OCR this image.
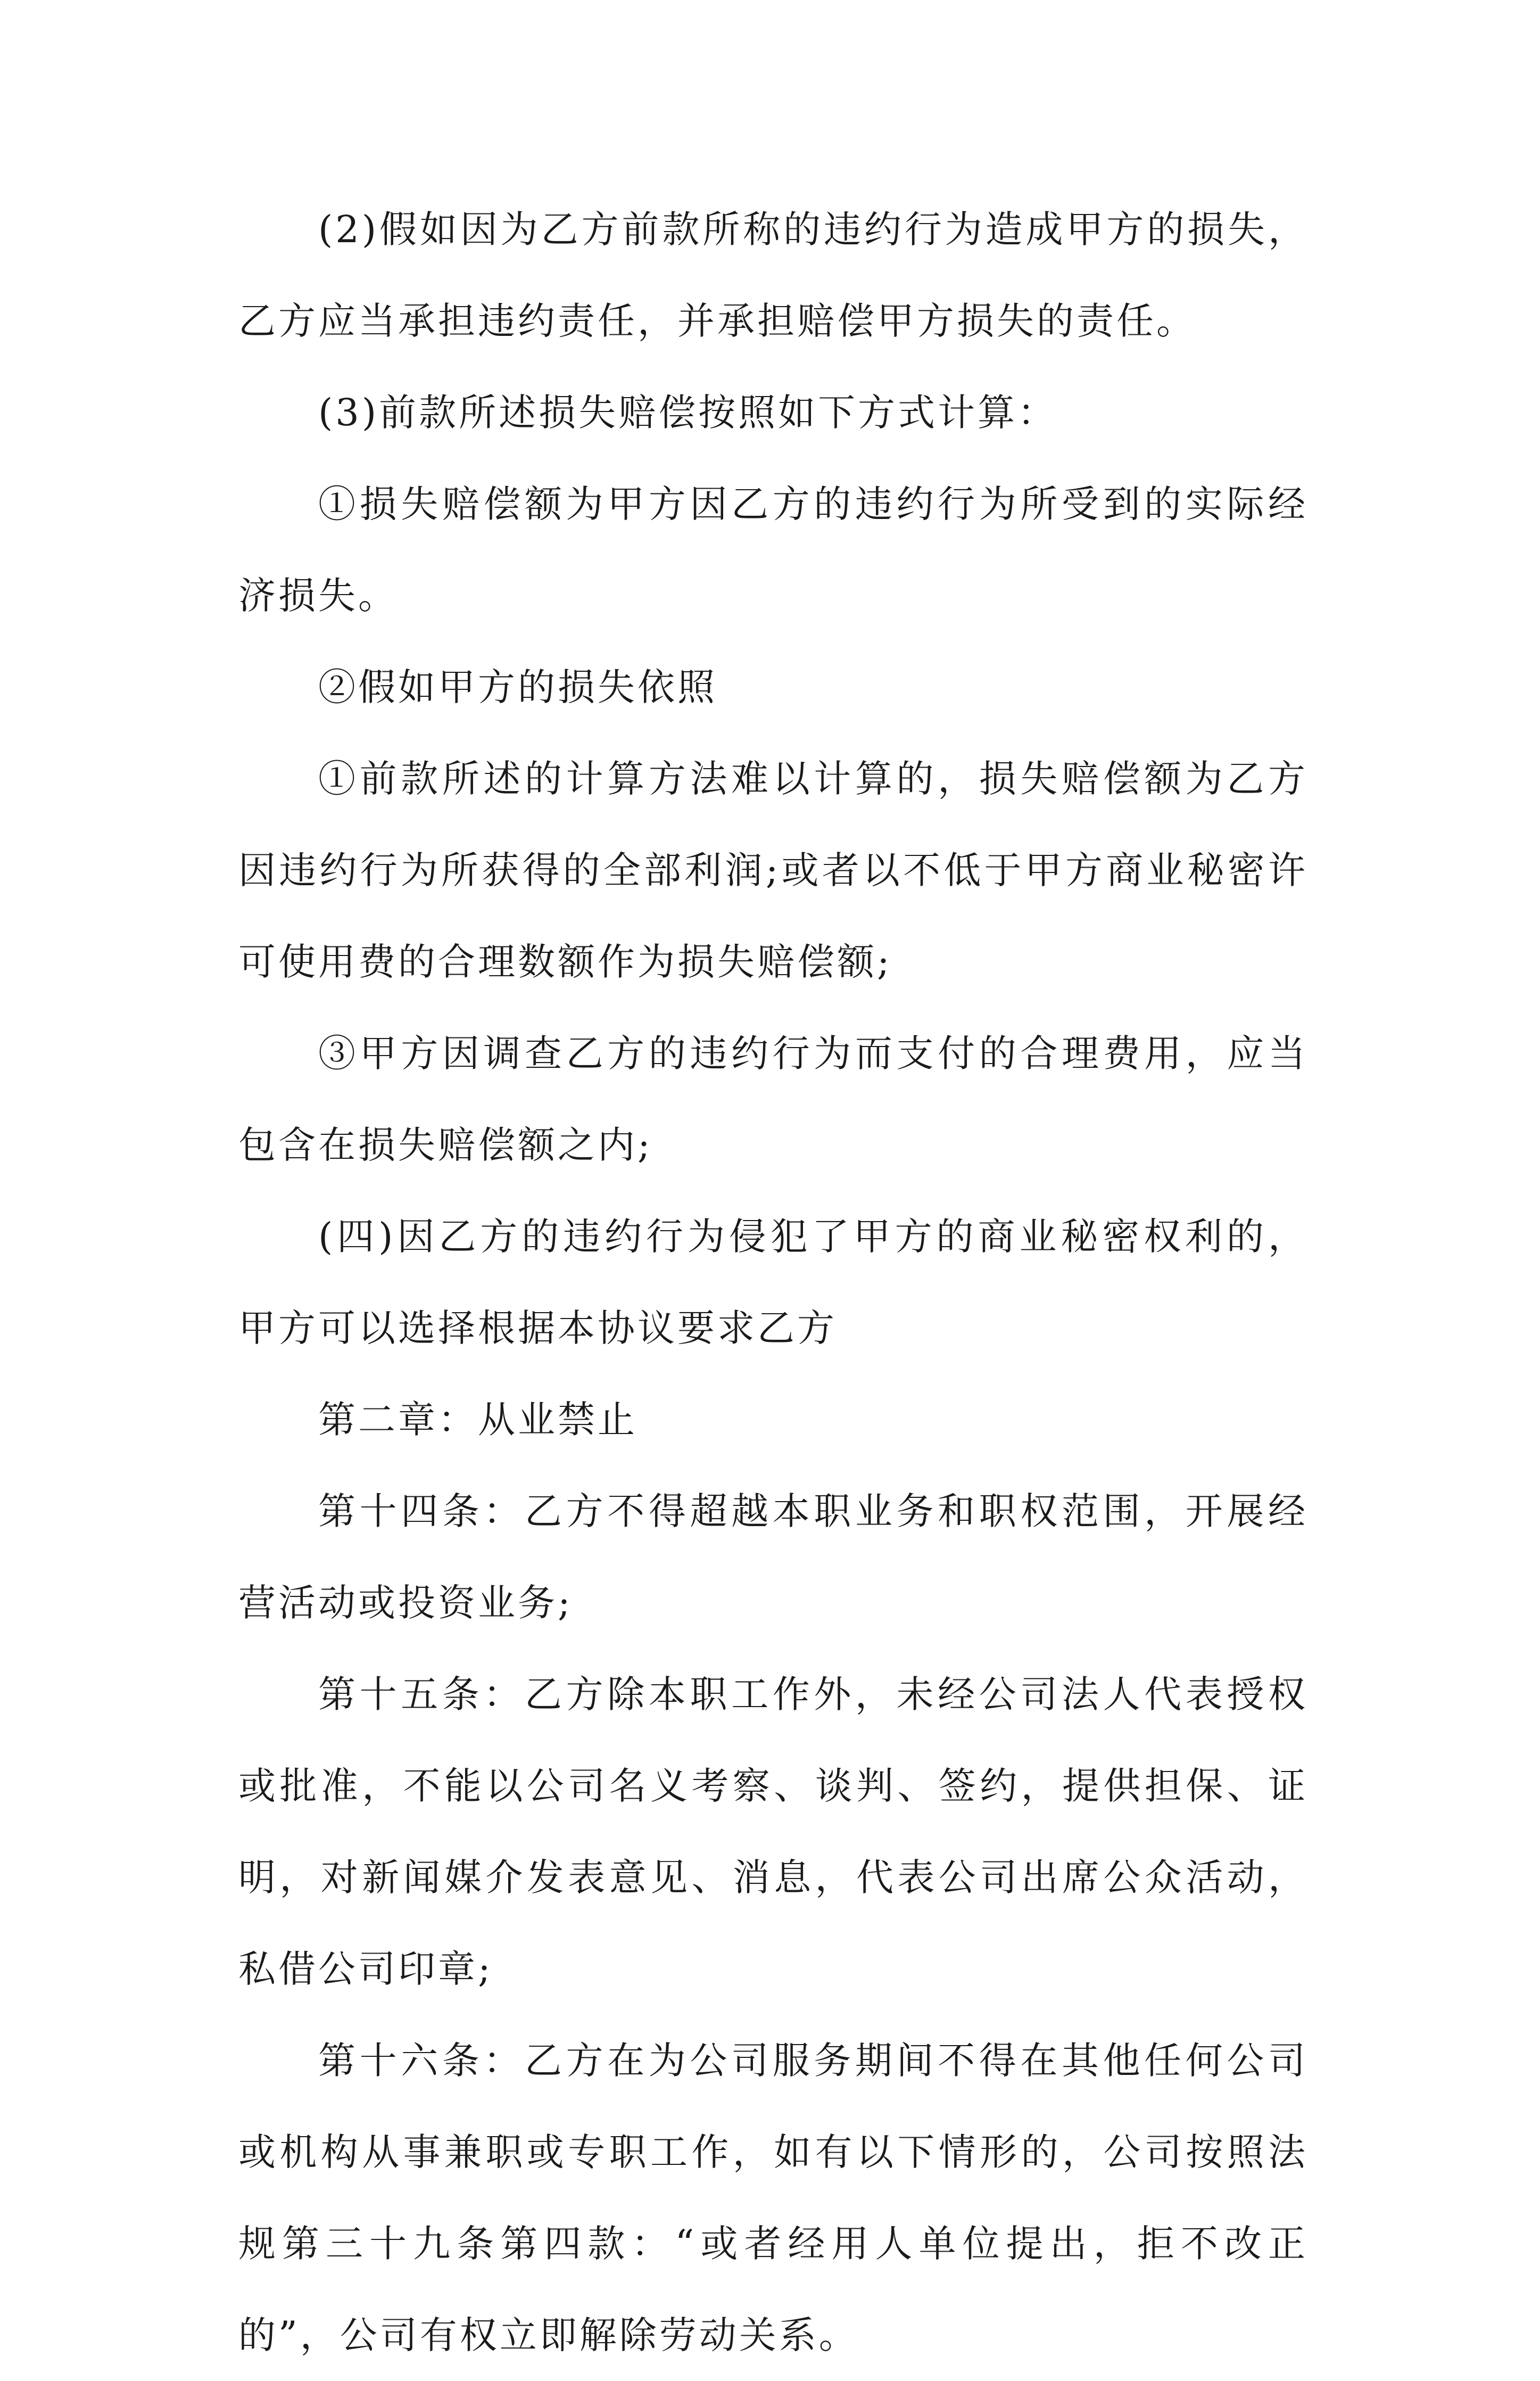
(2)假如因为乙方前款所称的违约行为造成甲方的损失，乙方应当承担违约责任，并承担赔偿甲方损失的责任。

(3)前款所述损失赔偿按照如下方式计算：

①损失赔偿额为甲方因乙方的违约行为所受到的实际经济损失。

②假如甲方的损失依照

①前款所述的计算方法难以计算的，损失赔偿额为乙方因违约行为所获得的全部利润;或者以不低于甲方商业秘密许可使用费的合理数额作为损失赔偿额;

③甲方因调查乙方的违约行为而支付的合理费用，应当包含在损失赔偿额之内;

(四)因乙方的违约行为侵犯了甲方的商业秘密权利的，甲方可以选择根据本协议要求乙方

第二章：从业禁止

第十四条：乙方不得超越本职业务和职权范围，开展经营活动或投资业务;

第十五条：乙方除本职工作外，未经公司法人代表授权或批准，不能以公司名义考察、谈判、签约，提供担保、证明，对新闻媒介发表意见、消息，代表公司出席公众活动，私借公司印章;

第十六条：乙方在为公司服务期间不得在其他任何公司或机构从事兼职或专职工作，如有以下情形的，公司按照法规第三十九条第四款：“或者经用人单位提出，拒不改正的”，公司有权立即解除劳动关系。
